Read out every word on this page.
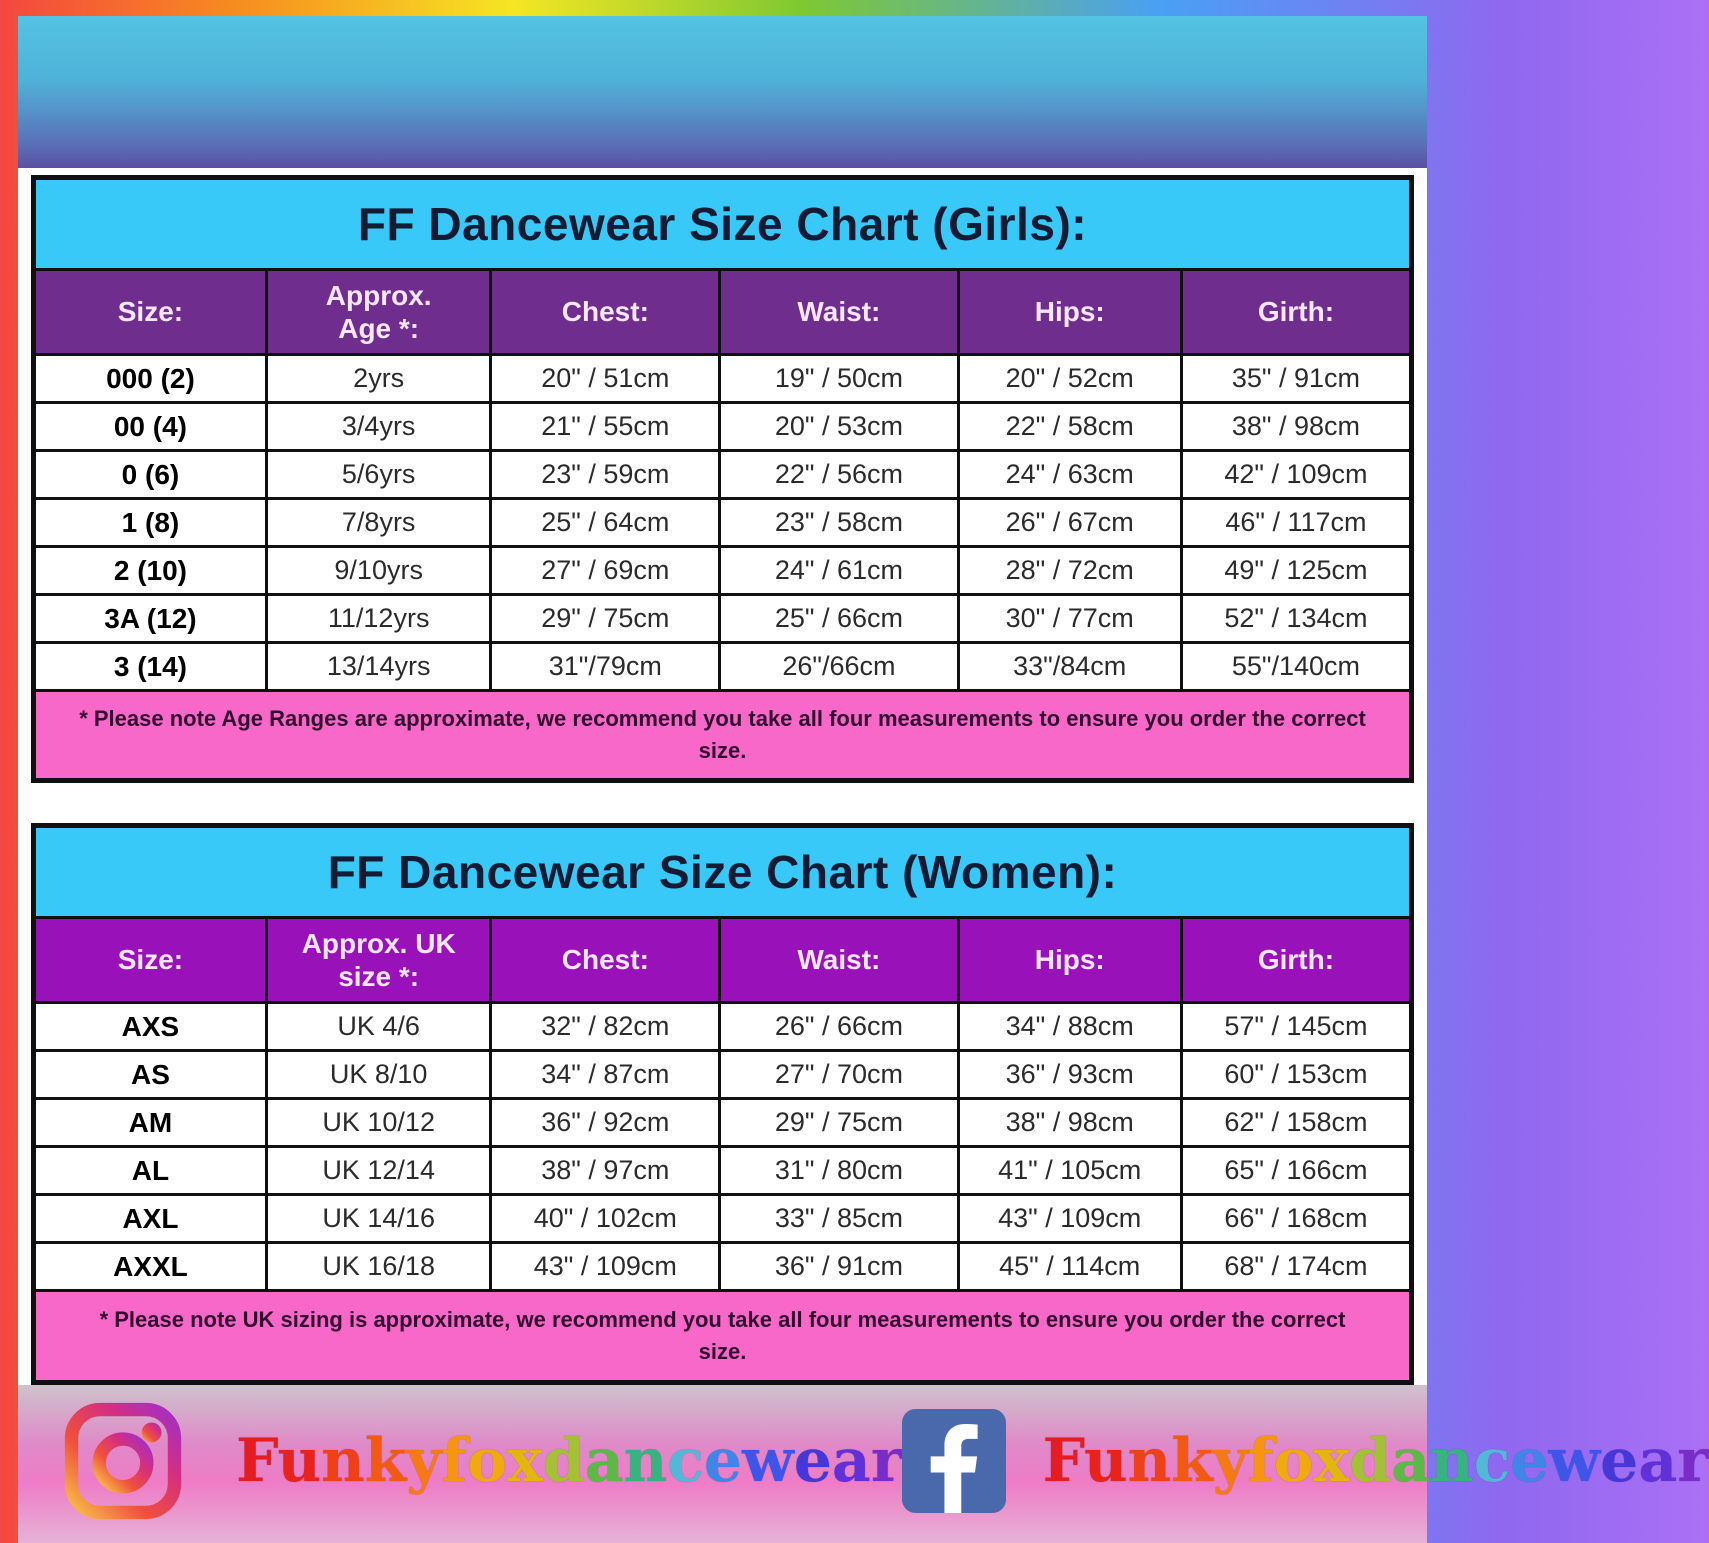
FF Dancewear Size Chart (Girls):					
Size:	Approx. Age *:	Chest:	Waist:	Hips:	Girth:
000 (2)	2yrs	20" / 51cm	19" / 50cm	20" / 52cm	35" / 91cm
00 (4)	3/4yrs	21" / 55cm	20" / 53cm	22" / 58cm	38" / 98cm
0 (6)	5/6yrs	23" / 59cm	22" / 56cm	24" / 63cm	42" / 109cm
1 (8)	7/8yrs	25" / 64cm	23" / 58cm	26" / 67cm	46" / 117cm
2 (10)	9/10yrs	27" / 69cm	24" / 61cm	28" / 72cm	49" / 125cm
3A (12)	11/12yrs	29" / 75cm	25" / 66cm	30" / 77cm	52" / 134cm
3 (14)	13/14yrs	31"/79cm	26"/66cm	33"/84cm	55"/140cm
* Please note Age Ranges are approximate, we recommend you take all four measurements to ensure you order the correct size.					
FF Dancewear Size Chart (Women):					
Size:	Approx. UK size *:	Chest:	Waist:	Hips:	Girth:
AXS	UK 4/6	32" / 82cm	26" / 66cm	34" / 88cm	57" / 145cm
AS	UK 8/10	34" / 87cm	27" / 70cm	36" / 93cm	60" / 153cm
AM	UK 10/12	36" / 92cm	29" / 75cm	38" / 98cm	62" / 158cm
AL	UK 12/14	38" / 97cm	31" / 80cm	41" / 105cm	65" / 166cm
AXL	UK 14/16	40" / 102cm	33" / 85cm	43" / 109cm	66" / 168cm
AXXL	UK 16/18	43" / 109cm	36" / 91cm	45" / 114cm	68" / 174cm
* Please note UK sizing is approximate, we recommend you take all four measurements to ensure you order the correct size.					
Funkyfoxdancewear Funkyfoxdancewear
